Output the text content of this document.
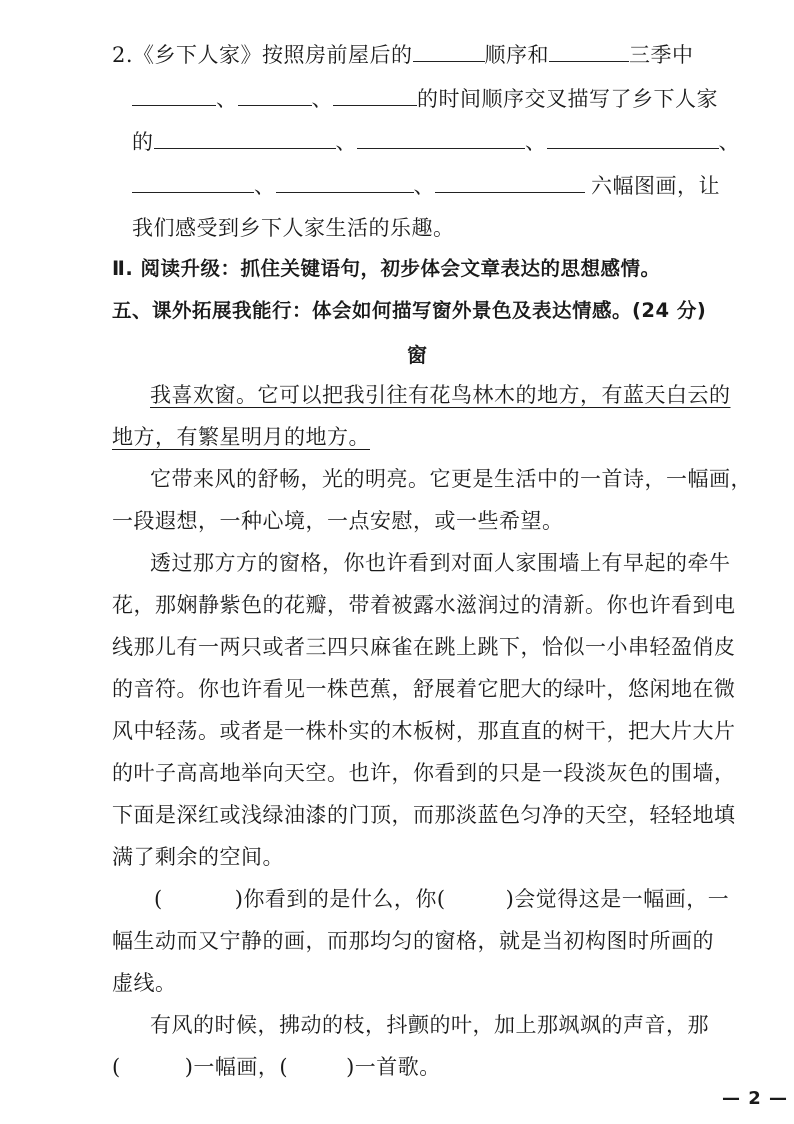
2.《乡下人家》按照房前屋后的	顺序和	三季中
、	、	的时间顺序交叉描写了乡下人家
的	、	、	、
、	、	六幅图画，让
我们感受到乡下人家生活的乐趣。
Ⅱ. 阅读升级：抓住关键语句，初步体会文章表达的思想感情。
五、课外拓展我能行：体会如何描写窗外景色及表达情感。(24 分)
窗
我喜欢窗。它可以把我引往有花鸟林木的地方，有蓝天白云的
地方，有繁星明月的地方。
它带来风的舒畅，光的明亮。它更是生活中的一首诗，一幅画，
一段遐想，一种心境，一点安慰，或一些希望。
透过那方方的窗格，你也许看到对面人家围墙上有早起的牵牛
花，那娴静紫色的花瓣，带着被露水滋润过的清新。你也许看到电
线那儿有一两只或者三四只麻雀在跳上跳下，恰似一小串轻盈俏皮
的音符。你也许看见一株芭蕉，舒展着它肥大的绿叶，悠闲地在微
风中轻荡。或者是一株朴实的木板树，那直直的树干，把大片大片
的叶子高高地举向天空。也许，你看到的只是一段淡灰色的围墙，
下面是深红或浅绿油漆的门顶，而那淡蓝色匀净的天空，轻轻地填
满了剩余的空间。
(	)你看到的是什么，你(	)会觉得这是一幅画，一
幅生动而又宁静的画，而那均匀的窗格，就是当初构图时所画的
虚线。
有风的时候，拂动的枝，抖颤的叶，加上那飒飒的声音，那
(	)一幅画，(	)一首歌。
— 2 —
